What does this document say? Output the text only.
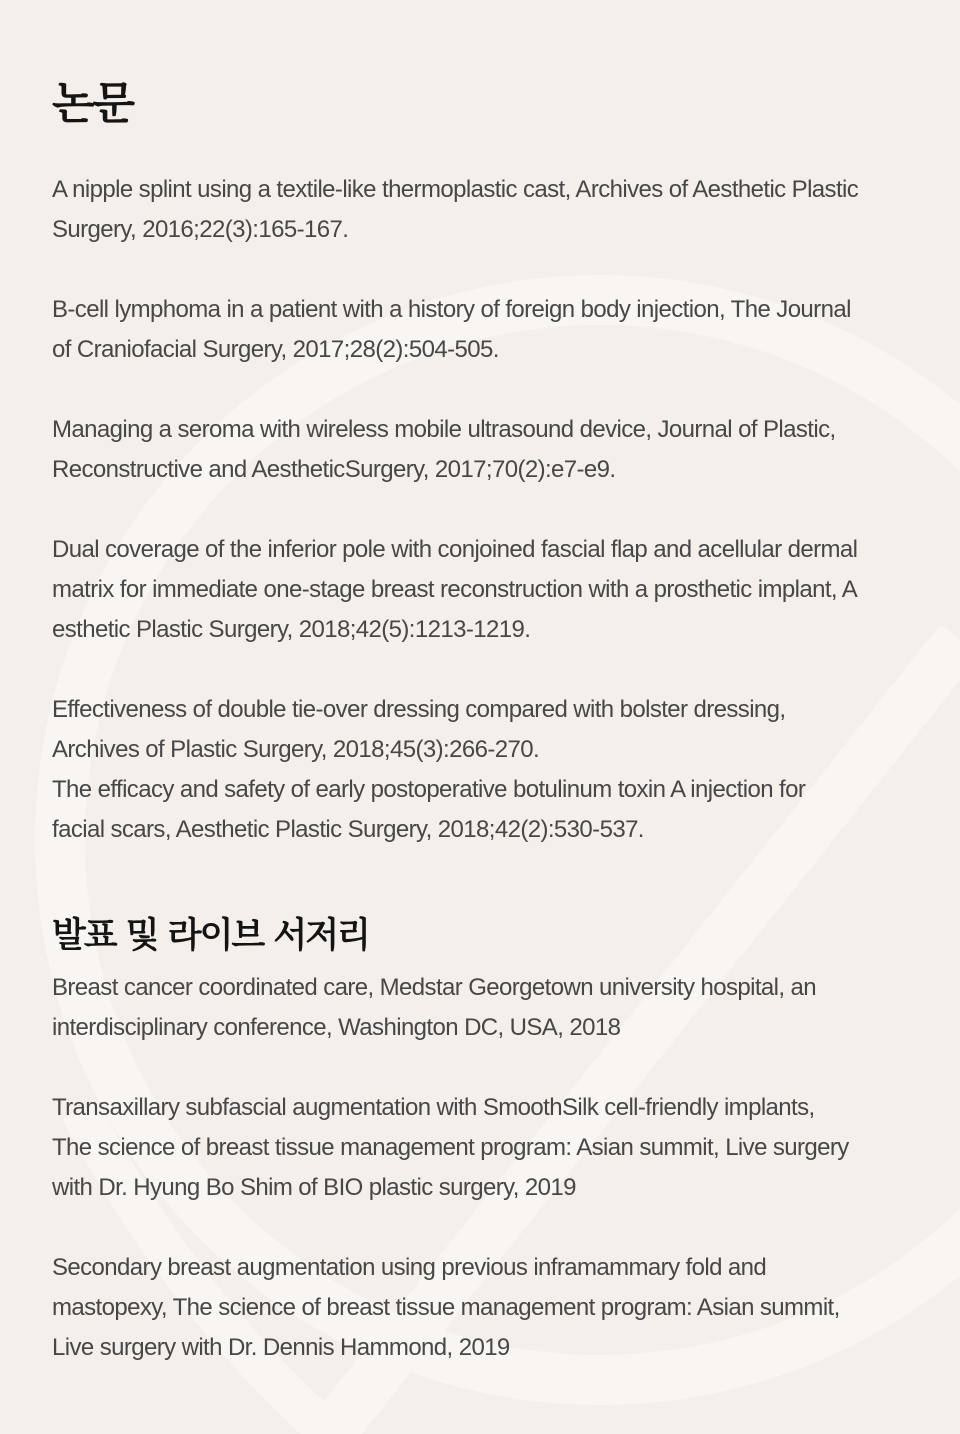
논문

A nipple splint using a textile-like thermoplastic cast, Archives of Aesthetic Plastic
Surgery, 2016;22(3):165-167.

B-cell lymphoma in a patient with a history of foreign body injection, The Journal
of Craniofacial Surgery, 2017;28(2):504-505.

Managing a seroma with wireless mobile ultrasound device, Journal of Plastic,
Reconstructive and AestheticSurgery, 2017;70(2):e7-e9.

Dual coverage of the inferior pole with conjoined fascial flap and acellular dermal
matrix for immediate one-stage breast reconstruction with a prosthetic implant, A
esthetic Plastic Surgery, 2018;42(5):1213-1219.

Effectiveness of double tie-over dressing compared with bolster dressing,
Archives of Plastic Surgery, 2018;45(3):266-270.

The efficacy and safety of early postoperative botulinum toxin A injection for
facial scars, Aesthetic Plastic Surgery, 2018;42(2):530-537.

발표 및 라이브 서저리

Breast cancer coordinated care, Medstar Georgetown university hospital, an
interdisciplinary conference, Washington DC, USA, 2018

Transaxillary subfascial augmentation with SmoothSilk cell-friendly implants,
The science of breast tissue management program: Asian summit, Live surgery
with Dr. Hyung Bo Shim of BIO plastic surgery, 2019

Secondary breast augmentation using previous inframammary fold and
mastopexy, The science of breast tissue management program: Asian summit,
Live surgery with Dr. Dennis Hammond, 2019
